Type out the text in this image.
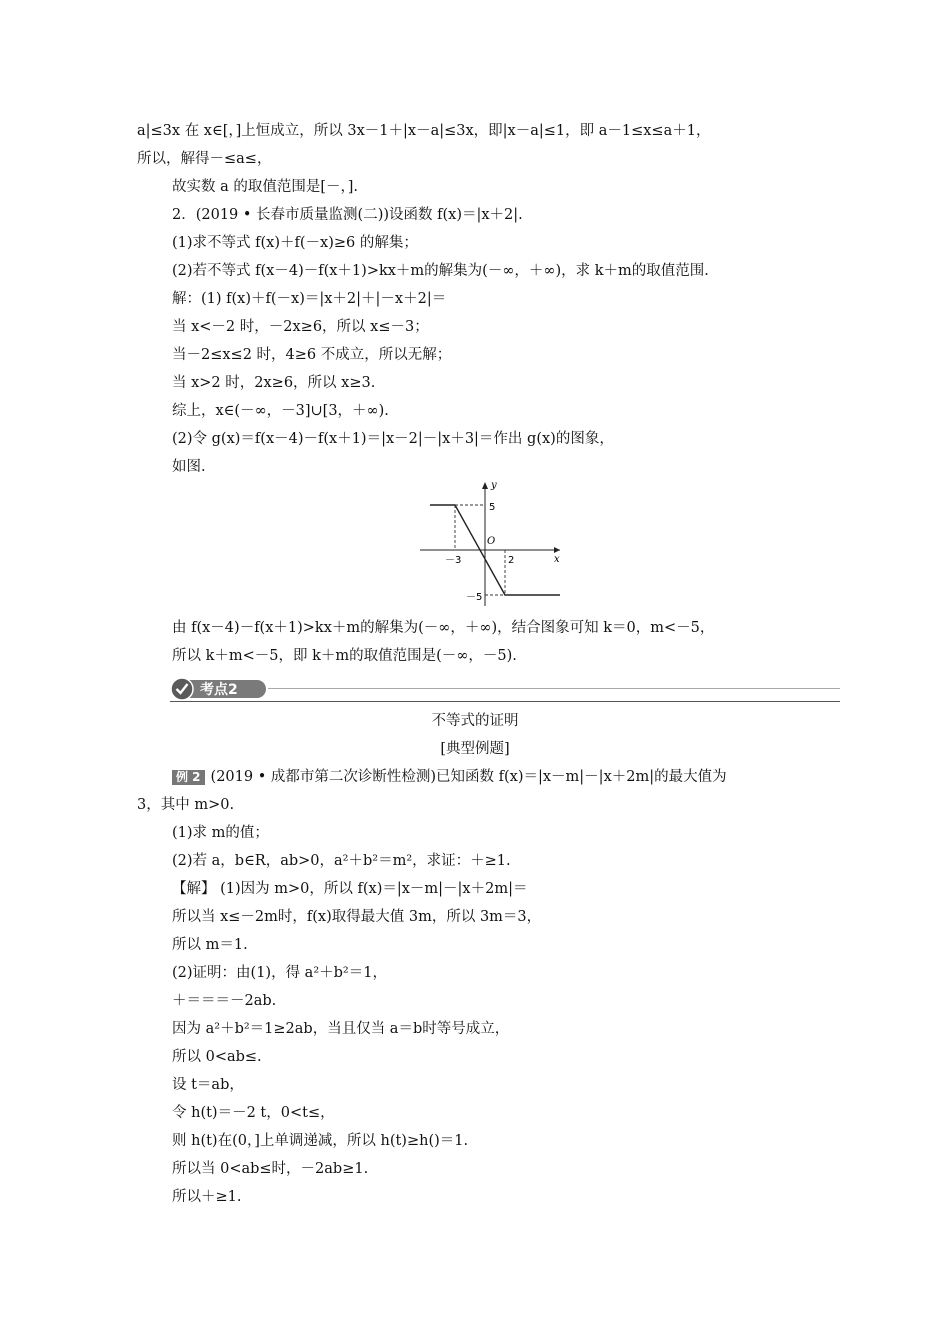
a|≤3x 在 x∈[，]上恒成立，所以 3x－1＋|x－a|≤3x，即|x－a|≤1，即 a－1≤x≤a＋1，
所以，解得－≤a≤，
故实数 a 的取值范围是[－，].
2．(2019 • 长春市质量监测(二))设函数 f(x)＝|x＋2|.
(1)求不等式 f(x)＋f(－x)≥6 的解集；
(2)若不等式 f(x－4)－f(x＋1)>kx＋m的解集为(－∞，＋∞)，求 k＋m的取值范围.
解：(1) f(x)＋f(－x)＝|x＋2|＋|－x＋2|＝
当 x<－2 时，－2x≥6，所以 x≤－3；
当－2≤x≤2 时，4≥6 不成立，所以无解；
当 x>2 时，2x≥6，所以 x≥3.
综上，x∈(－∞，－3]∪[3，＋∞).
(2)令 g(x)＝f(x－4)－f(x＋1)＝|x－2|－|x＋3|＝作出 g(x)的图象，
如图.
y
x
5
O
－3	2
－5
由 f(x－4)－f(x＋1)>kx＋m的解集为(－∞，＋∞)，结合图象可知 k＝0，m<－5，
所以 k＋m<－5，即 k＋m的取值范围是(－∞，－5).
考点2
不等式的证明
[典型例题]
例 2 (2019 • 成都市第二次诊断性检测)已知函数 f(x)＝|x－m|－|x＋2m|的最大值为
3，其中 m>0.
(1)求 m的值；
(2)若 a，b∈R，ab>0，a²＋b²＝m²，求证：＋≥1.
【解】 (1)因为 m>0，所以 f(x)＝|x－m|－|x＋2m|＝
所以当 x≤－2m时，f(x)取得最大值 3m，所以 3m＝3，
所以 m＝1.
(2)证明：由(1)，得 a²＋b²＝1，
＋＝＝＝－2ab.
因为 a²＋b²＝1≥2ab，当且仅当 a＝b时等号成立，
所以 0<ab≤.
设 t＝ab，
令 h(t)＝－2 t，0<t≤，
则 h(t)在(0，]上单调递减，所以 h(t)≥h()＝1.
所以当 0<ab≤时，－2ab≥1.
所以＋≥1.
